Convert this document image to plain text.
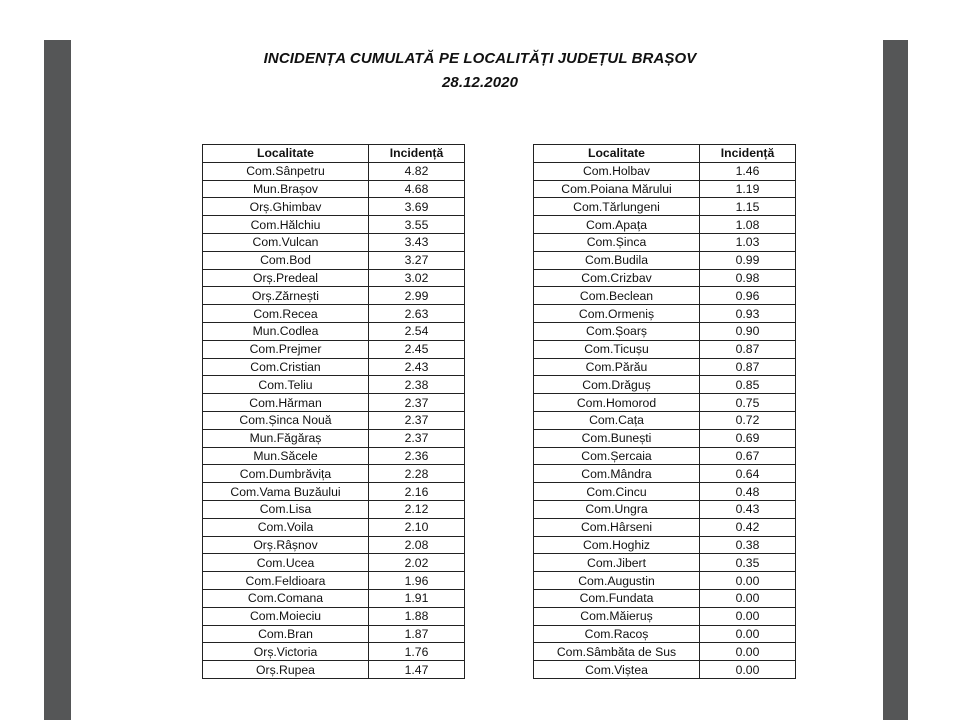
INCIDENȚA CUMULATĂ PE LOCALITĂȚI JUDEȚUL BRAȘOV
28.12.2020
Localitate	Incidență
Com.Sânpetru	4.82
Mun.Brașov	4.68
Orș.Ghimbav	3.69
Com.Hălchiu	3.55
Com.Vulcan	3.43
Com.Bod	3.27
Orș.Predeal	3.02
Orș.Zărnești	2.99
Com.Recea	2.63
Mun.Codlea	2.54
Com.Prejmer	2.45
Com.Cristian	2.43
Com.Teliu	2.38
Com.Hărman	2.37
Com.Șinca Nouă	2.37
Mun.Făgăraș	2.37
Mun.Săcele	2.36
Com.Dumbrăvița	2.28
Com.Vama Buzăului	2.16
Com.Lisa	2.12
Com.Voila	2.10
Orș.Râșnov	2.08
Com.Ucea	2.02
Com.Feldioara	1.96
Com.Comana	1.91
Com.Moieciu	1.88
Com.Bran	1.87
Orș.Victoria	1.76
Orș.Rupea	1.47
Localitate	Incidență
Com.Holbav	1.46
Com.Poiana Mărului	1.19
Com.Tărlungeni	1.15
Com.Apața	1.08
Com.Șinca	1.03
Com.Budila	0.99
Com.Crizbav	0.98
Com.Beclean	0.96
Com.Ormeniș	0.93
Com.Șoarș	0.90
Com.Ticușu	0.87
Com.Părău	0.87
Com.Drăguș	0.85
Com.Homorod	0.75
Com.Cața	0.72
Com.Bunești	0.69
Com.Șercaia	0.67
Com.Mândra	0.64
Com.Cincu	0.48
Com.Ungra	0.43
Com.Hârseni	0.42
Com.Hoghiz	0.38
Com.Jibert	0.35
Com.Augustin	0.00
Com.Fundata	0.00
Com.Măieruș	0.00
Com.Racoș	0.00
Com.Sâmbăta de Sus	0.00
Com.Viștea	0.00
